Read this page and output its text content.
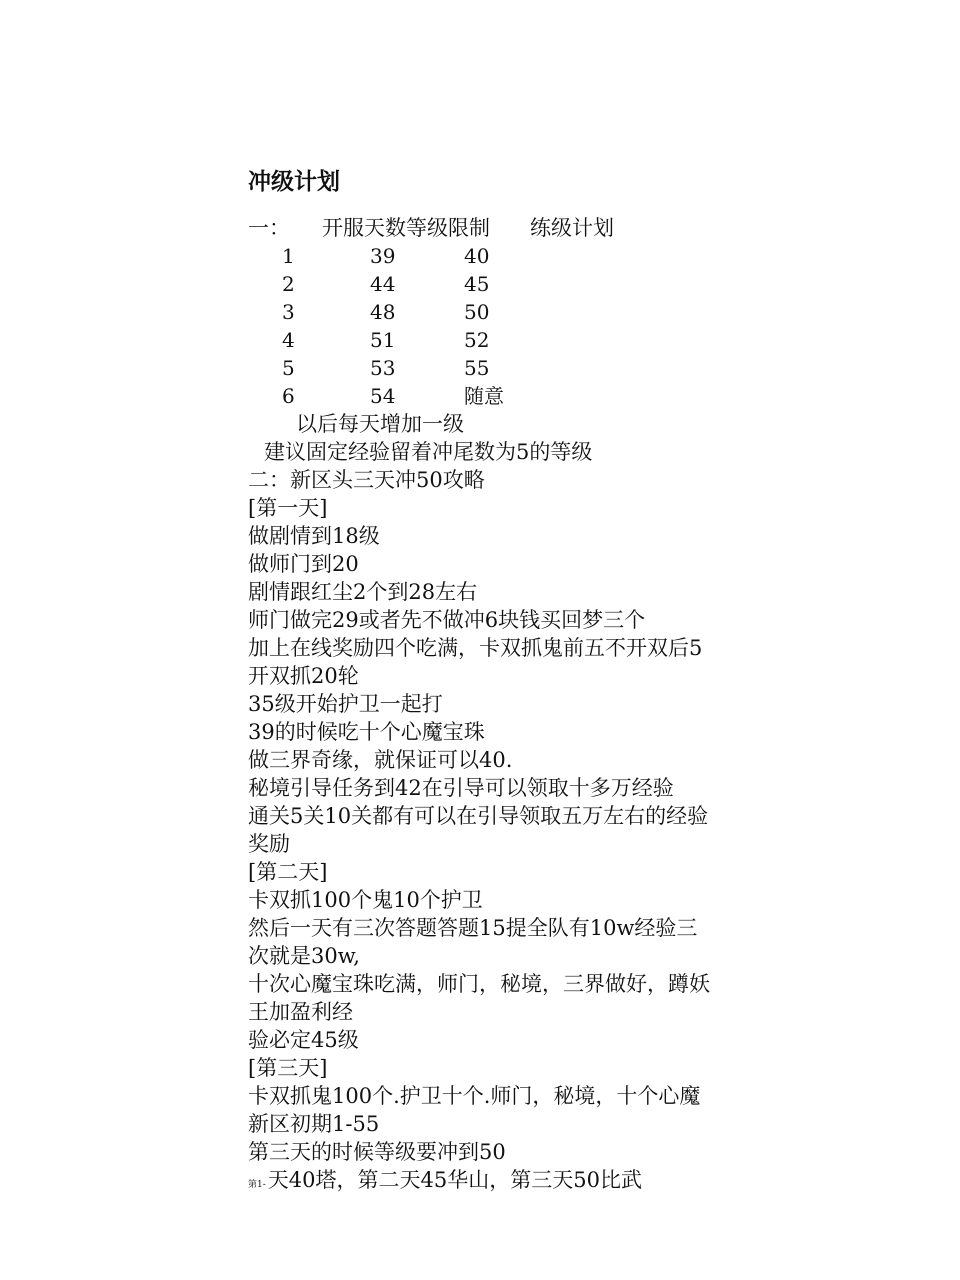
冲级计划
一：	开服天数 等级限制	练级计划
1	39	40
2	44	45
3	48	50
4	51	52
5	53	55
6	54	随意
以后每天增加一级
建议固定经验留着冲尾数为5的等级
二：新区头三天冲50攻略
[第一天]
做剧情到18级
做师门到20
剧情跟红尘2个到28左右
师门做完29或者先不做冲6块钱买回梦三个
加上在线奖励四个吃满，卡双抓鬼前五不开双后5开双抓20轮
35级开始护卫一起打
39的时候吃十个心魔宝珠
做三界奇缘，就保证可以40.
秘境引导任务到42在引导可以领取十多万经验
通关5关10关都有可以在引导领取五万左右的经验奖励
[第二天]
卡双抓100个鬼10个护卫
然后一天有三次答题答题15提全队有10w经验三次就是30w,
十次心魔宝珠吃满，师门，秘境，三界做好，蹲妖王加盈利经
验必定45级
[第三天]
卡双抓鬼100个.护卫十个.师门，秘境，十个心魔
新区初期1-55
第三天的时候等级要冲到50
第1- 天40塔，第二天45华山，第三天50比武
